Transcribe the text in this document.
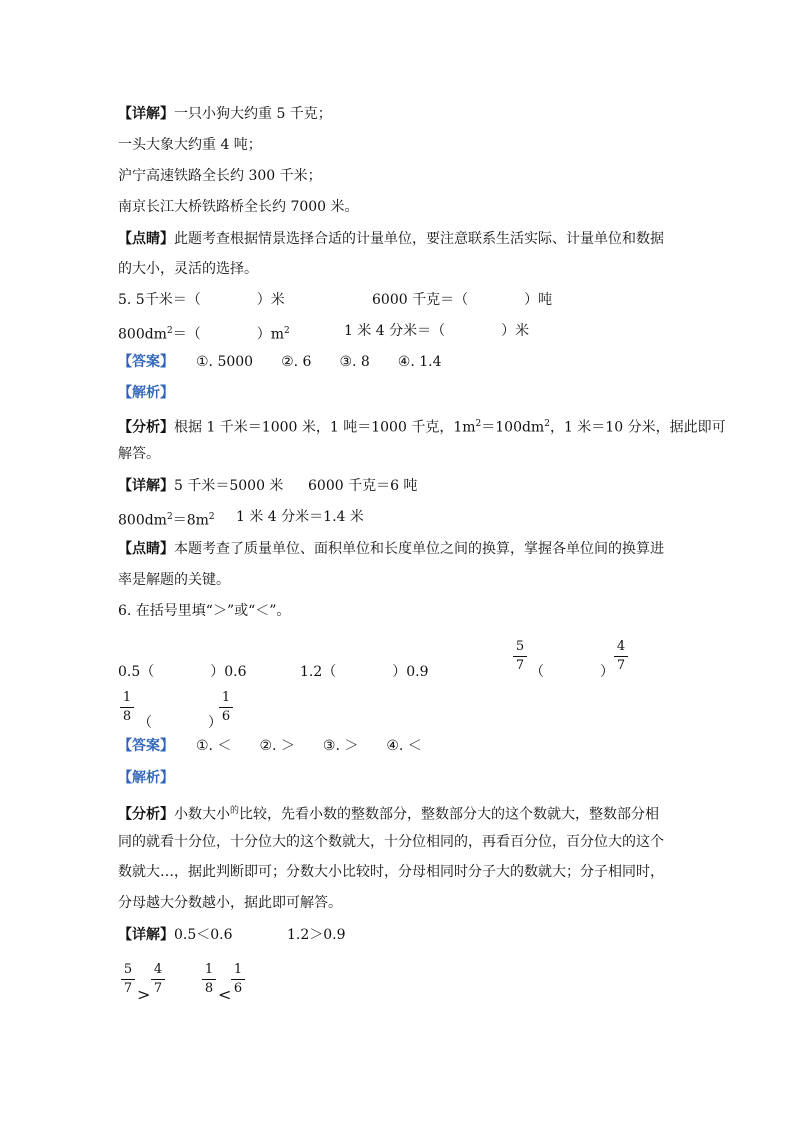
【详解】一只小狗大约重 5 千克；
一头大象大约重 4 吨；
沪宁高速铁路全长约 300 千米；
南京长江大桥铁路桥全长约 7000 米。
【点睛】此题考查根据情景选择合适的计量单位，要注意联系生活实际、计量单位和数据
的大小，灵活的选择。
5. 5千米＝（　　　　）米	6000 千克＝（　　　　）吨
$800dm^2=$（　　　　）$m^2$	1 米 4 分米＝（　　　　）米
【答案】 ①. 5000　　②. 6　　③. 8　　④. 1.4
【解析】
【分析】根据 1 千米＝1000 米，1 吨＝1000 千克，$1m^2=100dm^2$，1 米＝10 分米，据此即可
解答。
【详解】5 千米＝5000 米 6000 千克＝6 吨
$800dm^2=8m^2$ 1 米 4 分米＝1.4 米
【点睛】本题考查了质量单位、面积单位和长度单位之间的换算，掌握各单位间的换算进
率是解题的关键。
6. 在括号里填“＞”或“＜”。
0.5（　　　　）0.6	1.2（　　　　）0.9
5
7 （　　　　）
4
7
1
8 （　　　　）
1
6
【答案】 ①. ＜　　②. ＞　　③. ＞　　④. ＜
【解析】
【分析】小数大小$^的$比较，先看小数的整数部分，整数部分大的这个数就大，整数部分相
同的就看十分位，十分位大的这个数就大，十分位相同的，再看百分位，百分位大的这个
数就大…，据此判断即可；分数大小比较时，分母相同时分子大的数就大；分子相同时，
分母越大分数越小，据此即可解答。
【详解】0.5＜0.6	1.2＞0.9
5
7 >
4
7
1
8 <
1
6
